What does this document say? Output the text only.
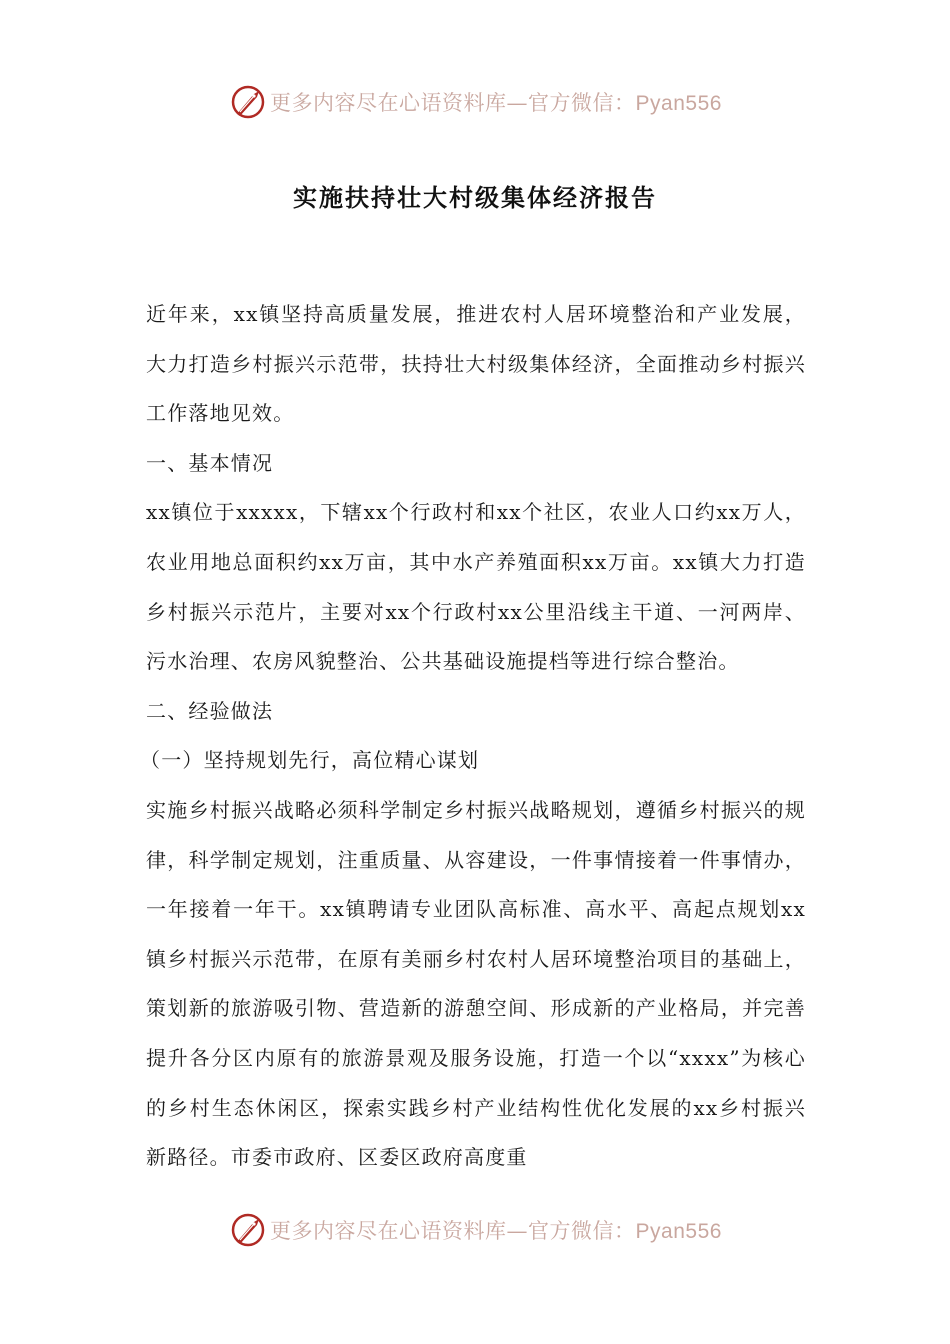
更多内容尽在心语资料库—官方微信：Pyan556
实施扶持壮大村级集体经济报告

近年来，xx镇坚持高质量发展，推进农村人居环境整治和产业发展，大力打造乡村振兴示范带，扶持壮大村级集体经济，全面推动乡村振兴工作落地见效。

一、基本情况

xx镇位于xxxxx，下辖xx个行政村和xx个社区，农业人口约xx万人，农业用地总面积约xx万亩，其中水产养殖面积xx万亩。xx镇大力打造乡村振兴示范片，主要对xx个行政村xx公里沿线主干道、一河两岸、污水治理、农房风貌整治、公共基础设施提档等进行综合整治。

二、经验做法

（一）坚持规划先行，高位精心谋划

实施乡村振兴战略必须科学制定乡村振兴战略规划，遵循乡村振兴的规律，科学制定规划，注重质量、从容建设，一件事情接着一件事情办，一年接着一年干。xx镇聘请专业团队高标准、高水平、高起点规划xx镇乡村振兴示范带，在原有美丽乡村农村人居环境整治项目的基础上，策划新的旅游吸引物、营造新的游憩空间、形成新的产业格局，并完善提升各分区内原有的旅游景观及服务设施，打造一个以“xxxx”为核心的乡村生态休闲区，探索实践乡村产业结构性优化发展的xx乡村振兴新路径。市委市政府、区委区政府高度重

更多内容尽在心语资料库—官方微信：Pyan556
